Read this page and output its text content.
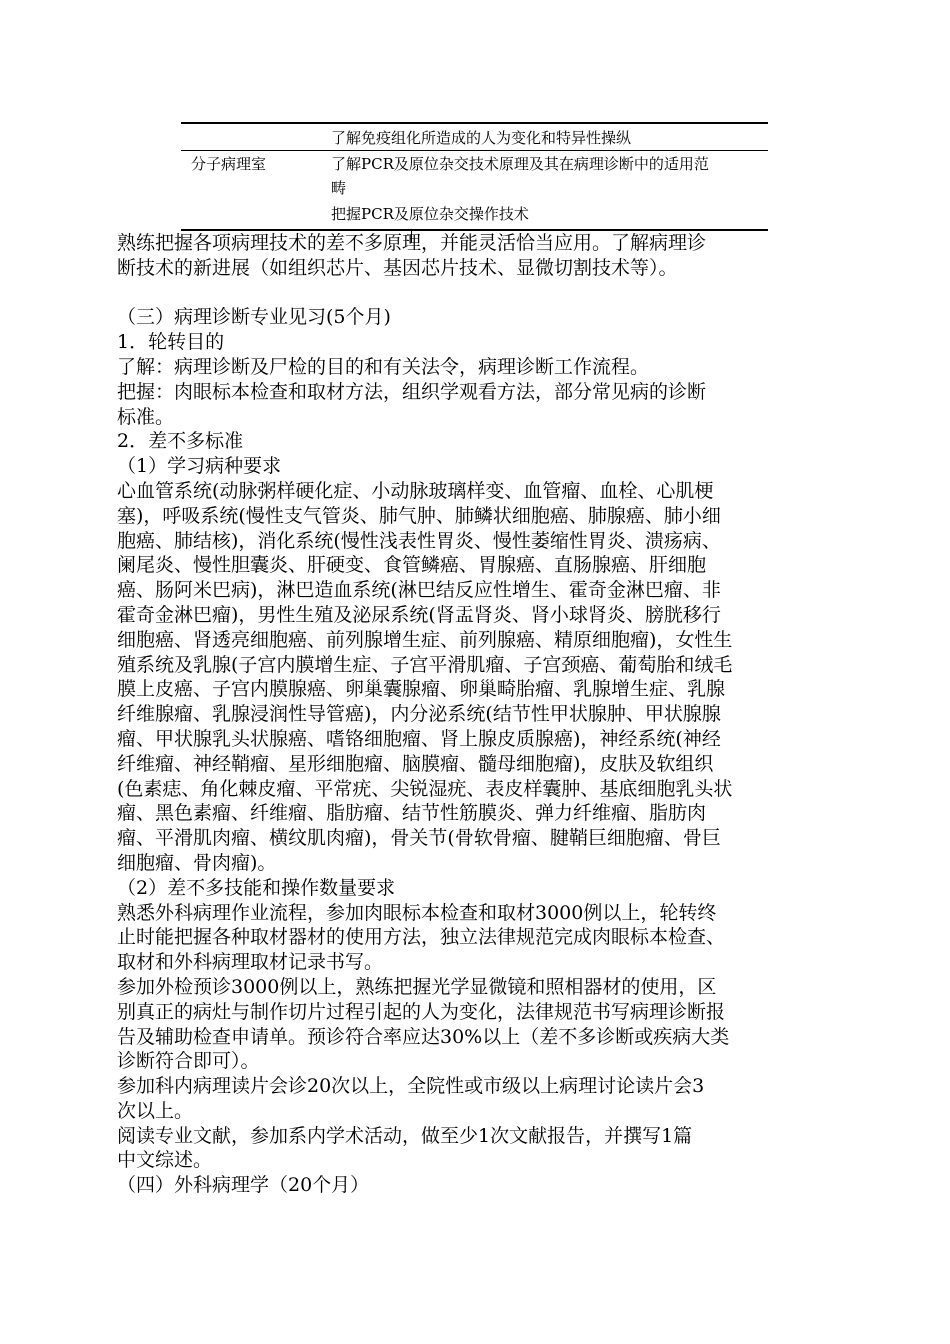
了解免疫组化所造成的人为变化和特异性操纵
分子病理室	了解PCR及原位杂交技术原理及其在病理诊断中的适用范
畴
把握PCR及原位杂交操作技术
熟练把握各项病理技术的差不多原理，并能灵活恰当应用。了解病理诊
断技术的新进展（如组织芯片、基因芯片技术、显微切割技术等）。
（三）病理诊断专业见习(5个月)
1．轮转目的
了解：病理诊断及尸检的目的和有关法令，病理诊断工作流程。
把握：肉眼标本检查和取材方法，组织学观看方法，部分常见病的诊断
标准。
2．差不多标准
（1）学习病种要求
心血管系统(动脉粥样硬化症、小动脉玻璃样变、血管瘤、血栓、心肌梗
塞)，呼吸系统(慢性支气管炎、肺气肿、肺鳞状细胞癌、肺腺癌、肺小细
胞癌、肺结核)，消化系统(慢性浅表性胃炎、慢性萎缩性胃炎、溃疡病、
阑尾炎、慢性胆囊炎、肝硬变、食管鳞癌、胃腺癌、直肠腺癌、肝细胞
癌、肠阿米巴病)，淋巴造血系统(淋巴结反应性增生、霍奇金淋巴瘤、非
霍奇金淋巴瘤)，男性生殖及泌尿系统(肾盂肾炎、肾小球肾炎、膀胱移行
细胞癌、肾透亮细胞癌、前列腺增生症、前列腺癌、精原细胞瘤)，女性生
殖系统及乳腺(子宫内膜增生症、子宫平滑肌瘤、子宫颈癌、葡萄胎和绒毛
膜上皮癌、子宫内膜腺癌、卵巢囊腺瘤、卵巢畸胎瘤、乳腺增生症、乳腺
纤维腺瘤、乳腺浸润性导管癌)，内分泌系统(结节性甲状腺肿、甲状腺腺
瘤、甲状腺乳头状腺癌、嗜铬细胞瘤、肾上腺皮质腺癌)，神经系统(神经
纤维瘤、神经鞘瘤、星形细胞瘤、脑膜瘤、髓母细胞瘤)，皮肤及软组织
(色素痣、角化棘皮瘤、平常疣、尖锐湿疣、表皮样囊肿、基底细胞乳头状
瘤、黑色素瘤、纤维瘤、脂肪瘤、结节性筋膜炎、弹力纤维瘤、脂肪肉
瘤、平滑肌肉瘤、横纹肌肉瘤)，骨关节(骨软骨瘤、腱鞘巨细胞瘤、骨巨
细胞瘤、骨肉瘤)。
（2）差不多技能和操作数量要求
熟悉外科病理作业流程，参加肉眼标本检查和取材3000例以上，轮转终
止时能把握各种取材器材的使用方法，独立法律规范完成肉眼标本检查、
取材和外科病理取材记录书写。
参加外检预诊3000例以上，熟练把握光学显微镜和照相器材的使用，区
别真正的病灶与制作切片过程引起的人为变化，法律规范书写病理诊断报
告及辅助检查申请单。预诊符合率应达30%以上（差不多诊断或疾病大类
诊断符合即可）。
参加科内病理读片会诊20次以上，全院性或市级以上病理讨论读片会3
次以上。
阅读专业文献，参加系内学术活动，做至少1次文献报告，并撰写1篇
中文综述。
（四）外科病理学（20个月）
